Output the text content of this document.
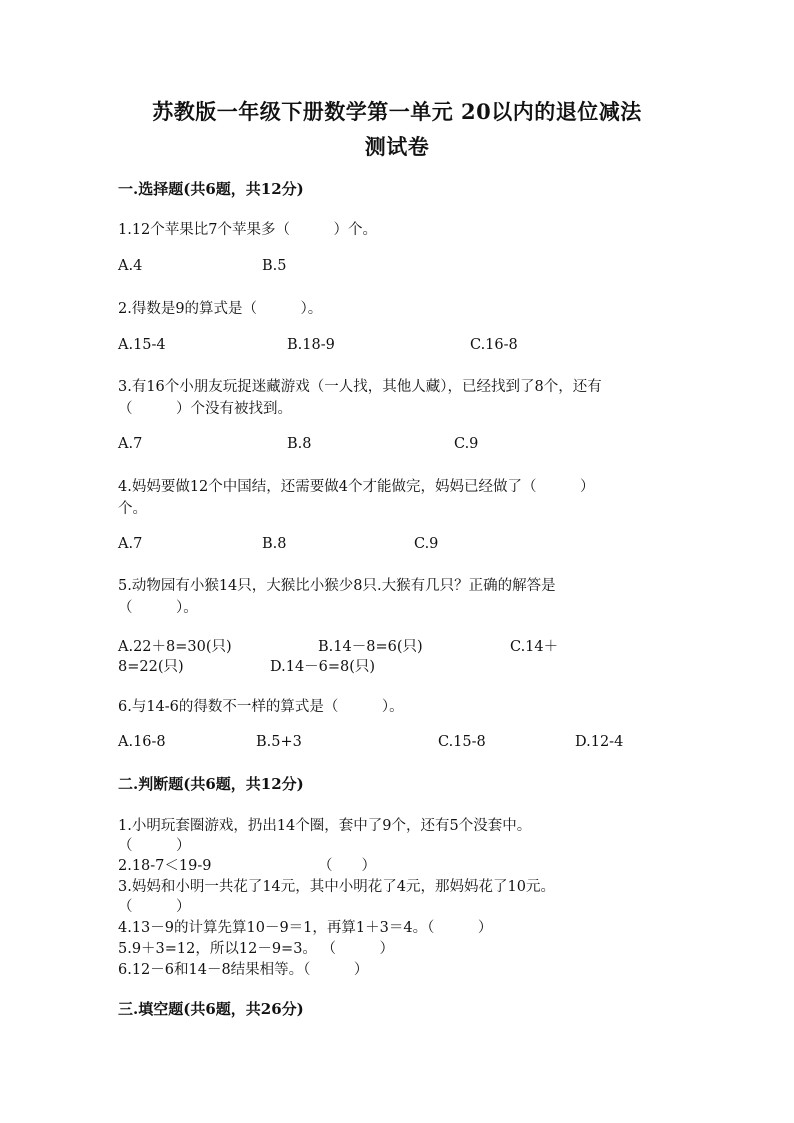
苏教版一年级下册数学第一单元 20以内的退位减法
测试卷
一.选择题(共6题，共12分)
1.12个苹果比7个苹果多（　　　）个。
A.4	B.5
2.得数是9的算式是（　　　）。
A.15-4	B.18-9	C.16-8
3.有16个小朋友玩捉迷藏游戏（一人找，其他人藏），已经找到了8个，还有
（　　　）个没有被找到。
A.7	B.8	C.9
4.妈妈要做12个中国结，还需要做4个才能做完，妈妈已经做了（　　　）
个。
A.7	B.8	C.9
5.动物园有小猴14只，大猴比小猴少8只.大猴有几只？正确的解答是
（　　　）。
A.22＋8=30(只)	B.14－8=6(只)	C.14＋
8=22(只)	D.14－6=8(只)
6.与14-6的得数不一样的算式是（　　　）。
A.16-8	B.5+3	C.15-8	D.12-4
二.判断题(共6题，共12分)
1.小明玩套圈游戏，扔出14个圈，套中了9个，还有5个没套中。
（　　　）
2.18-7＜19-9	（　　）
3.妈妈和小明一共花了14元，其中小明花了4元，那妈妈花了10元。
（　　　）
4.13－9的计算先算10－9＝1，再算1＋3＝4。（　　　）
5.9＋3=12，所以12－9=3。 （　　　）
6.12－6和14－8结果相等。（　　　）
三.填空题(共6题，共26分)
